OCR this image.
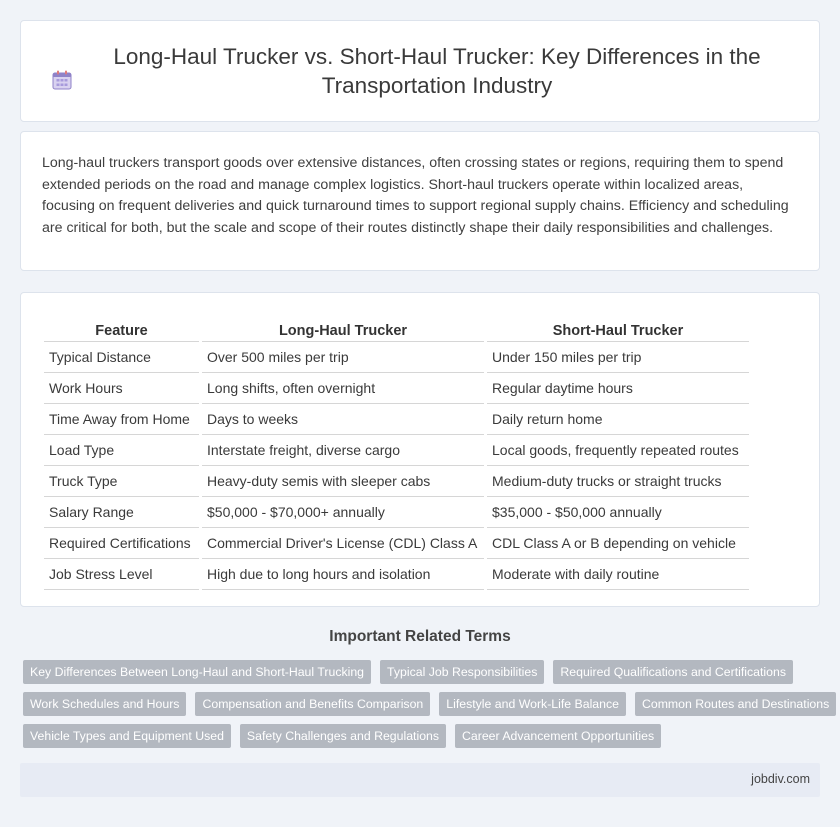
Long-Haul Trucker vs. Short-Haul Trucker: Key Differences in the Transportation Industry

Long-haul truckers transport goods over extensive distances, often crossing states or regions, requiring them to spend extended periods on the road and manage complex logistics. Short-haul truckers operate within localized areas, focusing on frequent deliveries and quick turnaround times to support regional supply chains. Efficiency and scheduling are critical for both, but the scale and scope of their routes distinctly shape their daily responsibilities and challenges.

Feature	Long-Haul Trucker	Short-Haul Trucker
Typical Distance	Over 500 miles per trip	Under 150 miles per trip
Work Hours	Long shifts, often overnight	Regular daytime hours
Time Away from Home	Days to weeks	Daily return home
Load Type	Interstate freight, diverse cargo	Local goods, frequently repeated routes
Truck Type	Heavy-duty semis with sleeper cabs	Medium-duty trucks or straight trucks
Salary Range	$50,000 - $70,000+ annually	$35,000 - $50,000 annually
Required Certifications	Commercial Driver's License (CDL) Class A	CDL Class A or B depending on vehicle
Job Stress Level	High due to long hours and isolation	Moderate with daily routine
Important Related Terms
Key Differences Between Long-Haul and Short-Haul Trucking	Typical Job Responsibilities	Required Qualifications and Certifications
Work Schedules and Hours	Compensation and Benefits Comparison	Lifestyle and Work-Life Balance	Common Routes and Destinations
Vehicle Types and Equipment Used	Safety Challenges and Regulations	Career Advancement Opportunities
jobdiv.com
